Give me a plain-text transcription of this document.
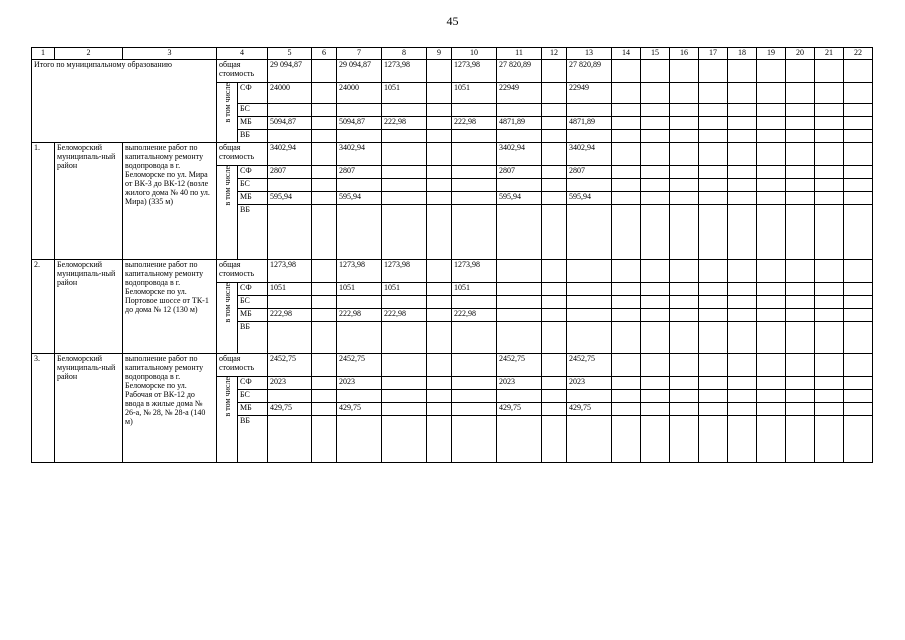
45
1	2	3	4		5	6	7	8	9	10	11	12	13	14	15	16	17	18	19	20	21	22
Итого по муниципальному образованию			общая стоимость		29 094,87		29 094,87	1273,98		1273,98	27 820,89		27 820,89									
			в том числе	СФ	24000		24000	1051		1051	22949		22949									
				БС																		
				МБ	5094,87		5094,87	222,98		222,98	4871,89		4871,89									
				ВБ																		
1.	Беломорский муниципаль-ный район	выполнение работ по капитальному ремонту водопровода в г. Беломорске по ул. Мира от ВК-3 до ВК-12 (возле жилого дома № 40 по ул. Мира) (335 м)	общая стоимость		3402,94		3402,94				3402,94		3402,94									
			в том числе	СФ	2807		2807				2807		2807									
				БС																		
				МБ	595,94		595,94				595,94		595,94									
				ВБ																		
2.	Беломорский муниципаль-ный район	выполнение работ по капитальному ремонту водопровода в г. Беломорске по ул. Портовое шоссе от ТК-1 до дома № 12 (130 м)	общая стоимость		1273,98		1273,98	1273,98		1273,98												
			в том числе	СФ	1051		1051	1051		1051												
				БС																		
				МБ	222,98		222,98	222,98		222,98												
				ВБ																		
3.	Беломорский муниципаль-ный район	выполнение работ по капитальному ремонту водопровода в г. Беломорске по ул. Рабочая от ВК-12 до ввода в жилые дома № 26-а, № 28, № 28-а (140 м)	общая стоимость		2452,75		2452,75				2452,75		2452,75									
			в том числе	СФ	2023		2023				2023		2023									
				БС																		
				МБ	429,75		429,75				429,75		429,75									
				ВБ																		
